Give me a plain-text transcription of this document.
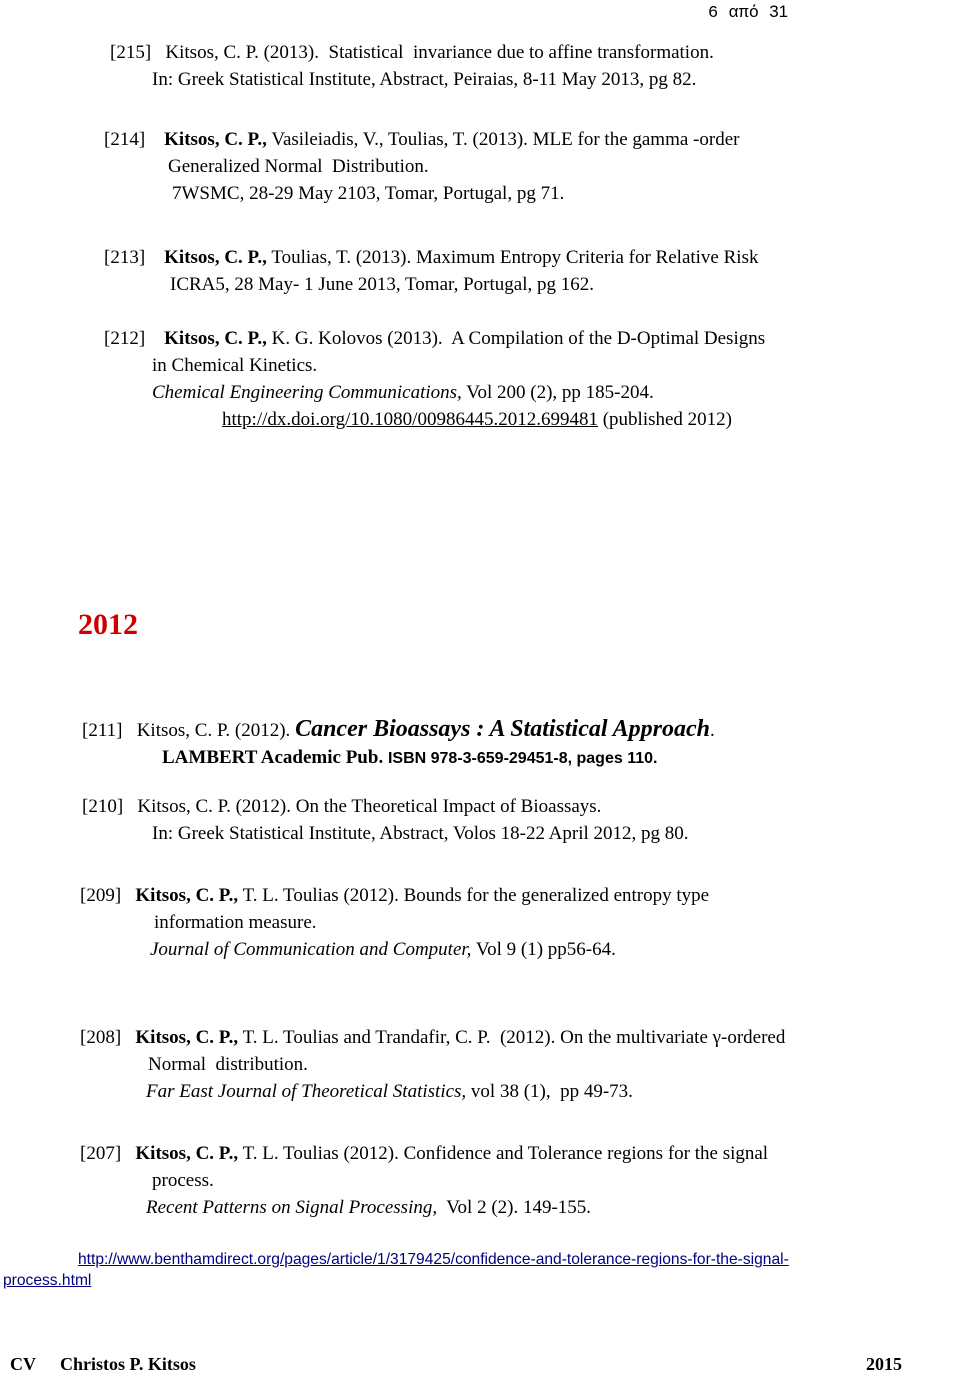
6 από 31
[215] Kitsos, C. P. (2013). Statistical  invariance due to affine transformation.
In: Greek Statistical Institute, Abstract, Peiraias, 8-11 May 2013, pg 82.
[214] Kitsos, C. P., Vasileiadis, V., Toulias, T. (2013). MLE for the gamma -order
Generalized Normal  Distribution.
7WSMC, 28-29 May 2103, Tomar, Portugal, pg 71.
[213] Kitsos, C. P., Toulias, T. (2013). Maximum Entropy Criteria for Relative Risk
ICRA5, 28 May- 1 June 2013, Tomar, Portugal, pg 162.
[212] Kitsos, C. P., K. G. Kolovos (2013). A Compilation of the D-Optimal Designs
in Chemical Kinetics.
Chemical Engineering Communications, Vol 200 (2), pp 185-204.
http://dx.doi.org/10.1080/00986445.2012.699481 (published 2012)
2012
[211] Kitsos, C. P. (2012). Cancer Bioassays : A Statistical Approach.
LAMBERT Academic Pub. ISBN 978-3-659-29451-8, pages 110.
[210] Kitsos, C. P. (2012). On the Theoretical Impact of Bioassays.
In: Greek Statistical Institute, Abstract, Volos 18-22 April 2012, pg 80.
[209] Kitsos, C. P., T. L. Toulias (2012). Bounds for the generalized entropy type
information measure.
Journal of Communication and Computer, Vol 9 (1) pp56-64.
[208] Kitsos, C. P., T. L. Toulias and Trandafir, C. P.  (2012). On the multivariate γ-ordered
Normal  distribution.
Far East Journal of Theoretical Statistics, vol 38 (1),  pp 49-73.
[207] Kitsos, C. P., T. L. Toulias (2012). Confidence and Tolerance regions for the signal
process.
Recent Patterns on Signal Processing,  Vol 2 (2). 149-155.
http://www.benthamdirect.org/pages/article/1/3179425/confidence-and-tolerance-regions-for-the-signal-
process.html
CV Christos P. Kitsos	2015
